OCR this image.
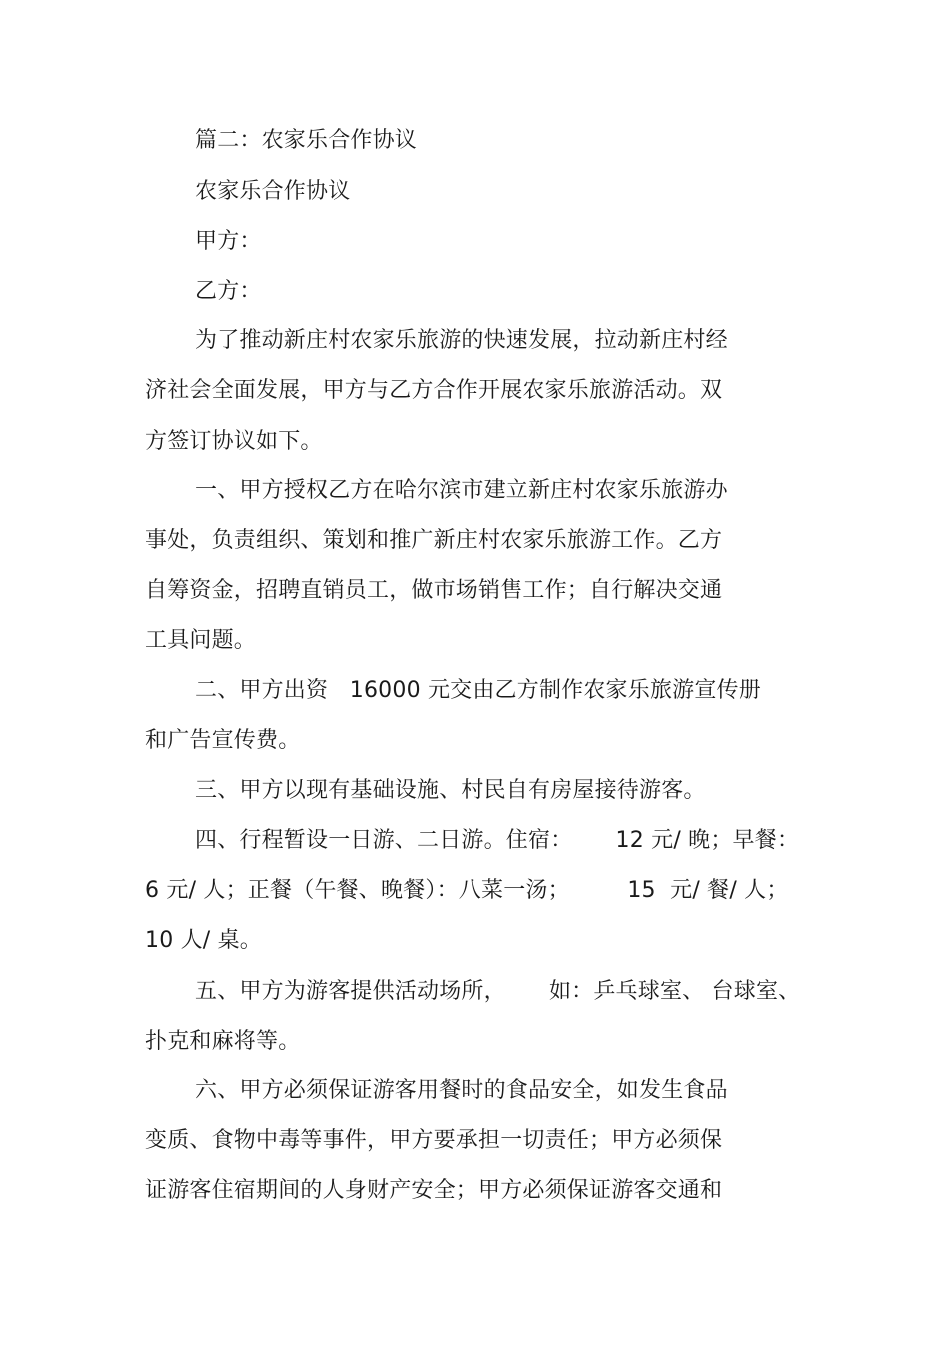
篇二：农家乐合作协议
农家乐合作协议
甲方：
乙方：
为了推动新庄村农家乐旅游的快速发展，拉动新庄村经
济社会全面发展，甲方与乙方合作开展农家乐旅游活动。双
方签订协议如下。
一、甲方授权乙方在哈尔滨市建立新庄村农家乐旅游办
事处，负责组织、策划和推广新庄村农家乐旅游工作。乙方
自筹资金，招聘直销员工，做市场销售工作；自行解决交通
工具问题。
二、甲方出资   16000 元交由乙方制作农家乐旅游宣传册
和广告宣传费。
三、甲方以现有基础设施、村民自有房屋接待游客。
四、行程暂设一日游、二日游。住宿：      12 元/ 晚；早餐：
6 元/ 人；正餐（午餐、晚餐）：八菜一汤；        15  元/ 餐/ 人；
10 人/ 桌。
五、甲方为游客提供活动场所，      如：乒乓球室、 台球室、
扑克和麻将等。
六、甲方必须保证游客用餐时的食品安全，如发生食品
变质、食物中毒等事件，甲方要承担一切责任；甲方必须保
证游客住宿期间的人身财产安全；甲方必须保证游客交通和
